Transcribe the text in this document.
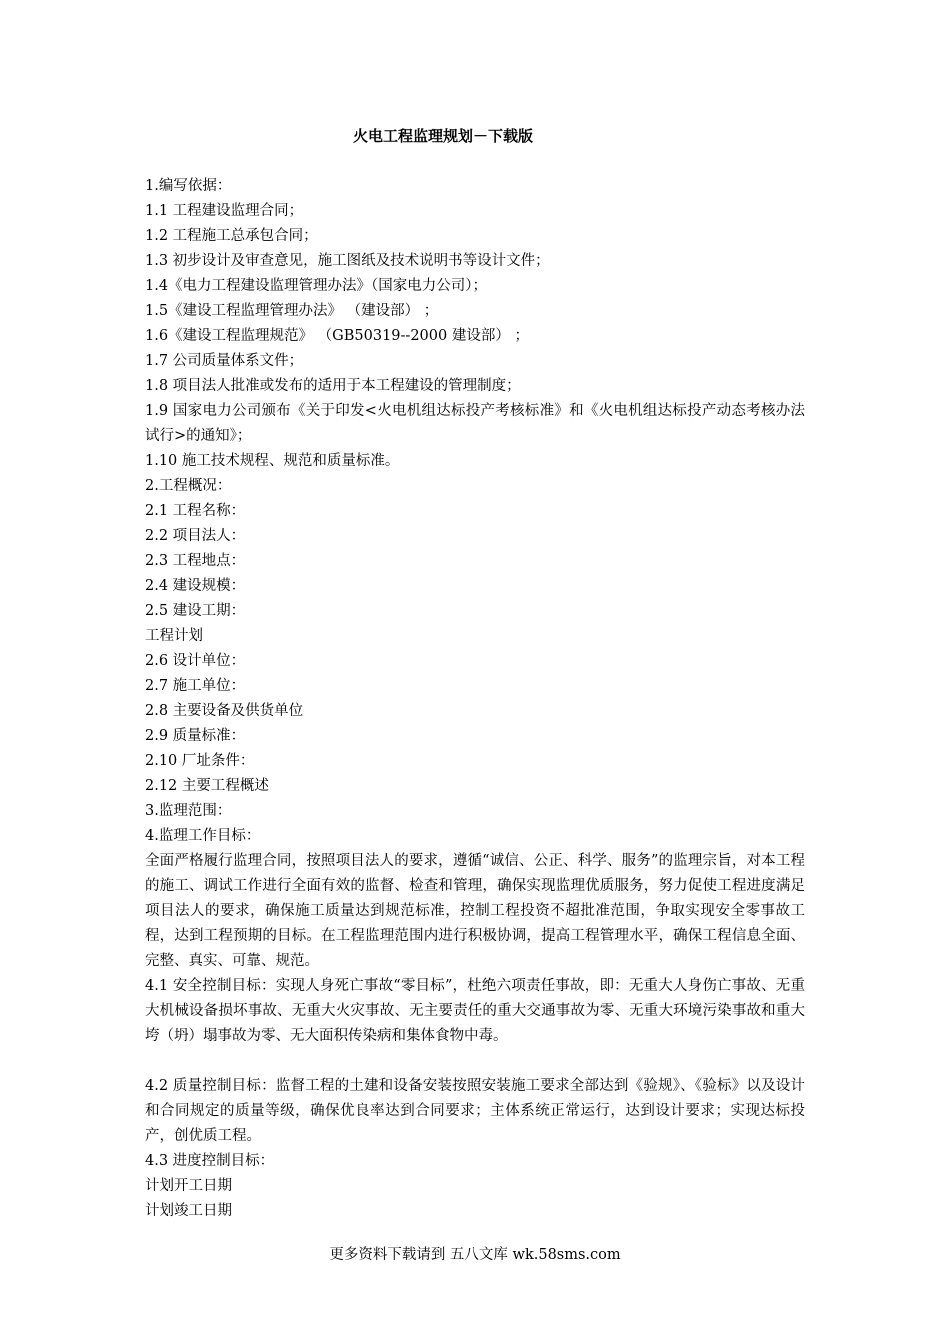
火电工程监理规划－下载版
1.编写依据：
1.1 工程建设监理合同；
1.2 工程施工总承包合同；
1.3 初步设计及审查意见，施工图纸及技术说明书等设计文件；
1.4《电力工程建设监理管理办法》（国家电力公司）；
1.5《建设工程监理管理办法》 （建设部） ；
1.6《建设工程监理规范》 （GB50319--2000 建设部） ；
1.7 公司质量体系文件；
1.8 项目法人批准或发布的适用于本工程建设的管理制度；

1.9 国家电力公司颁布《关于印发<火电机组达标投产考核标准》和《火电机组达标投产动态考核办法试行>的通知》；

1.10 施工技术规程、规范和质量标准。
2.工程概况：
2.1 工程名称：
2.2 项目法人：
2.3 工程地点：
2.4 建设规模：
2.5 建设工期：
工程计划
2.6 设计单位：
2.7 施工单位：
2.8 主要设备及供货单位
2.9 质量标准：
2.10 厂址条件：
2.12 主要工程概述
3.监理范围：
4.监理工作目标：

全面严格履行监理合同，按照项目法人的要求，遵循“诚信、公正、科学、服务”的监理宗旨，对本工程的施工、调试工作进行全面有效的监督、检查和管理，确保实现监理优质服务，努力促使工程进度满足项目法人的要求，确保施工质量达到规范标准，控制工程投资不超批准范围，争取实现安全零事故工程，达到工程预期的目标。在工程监理范围内进行积极协调，提高工程管理水平，确保工程信息全面、完整、真实、可靠、规范。

4.1 安全控制目标：实现人身死亡事故“零目标”，杜绝六项责任事故，即：无重大人身伤亡事故、无重大机械设备损坏事故、无重大火灾事故、无主要责任的重大交通事故为零、无重大环境污染事故和重大垮（坍）塌事故为零、无大面积传染病和集体食物中毒。

4.2 质量控制目标：监督工程的土建和设备安装按照安装施工要求全部达到《验规》、《验标》以及设计和合同规定的质量等级，确保优良率达到合同要求；主体系统正常运行，达到设计要求；实现达标投产，创优质工程。

4.3 进度控制目标：
计划开工日期
计划竣工日期
更多资料下载请到 五八文库 wk.58sms.com
